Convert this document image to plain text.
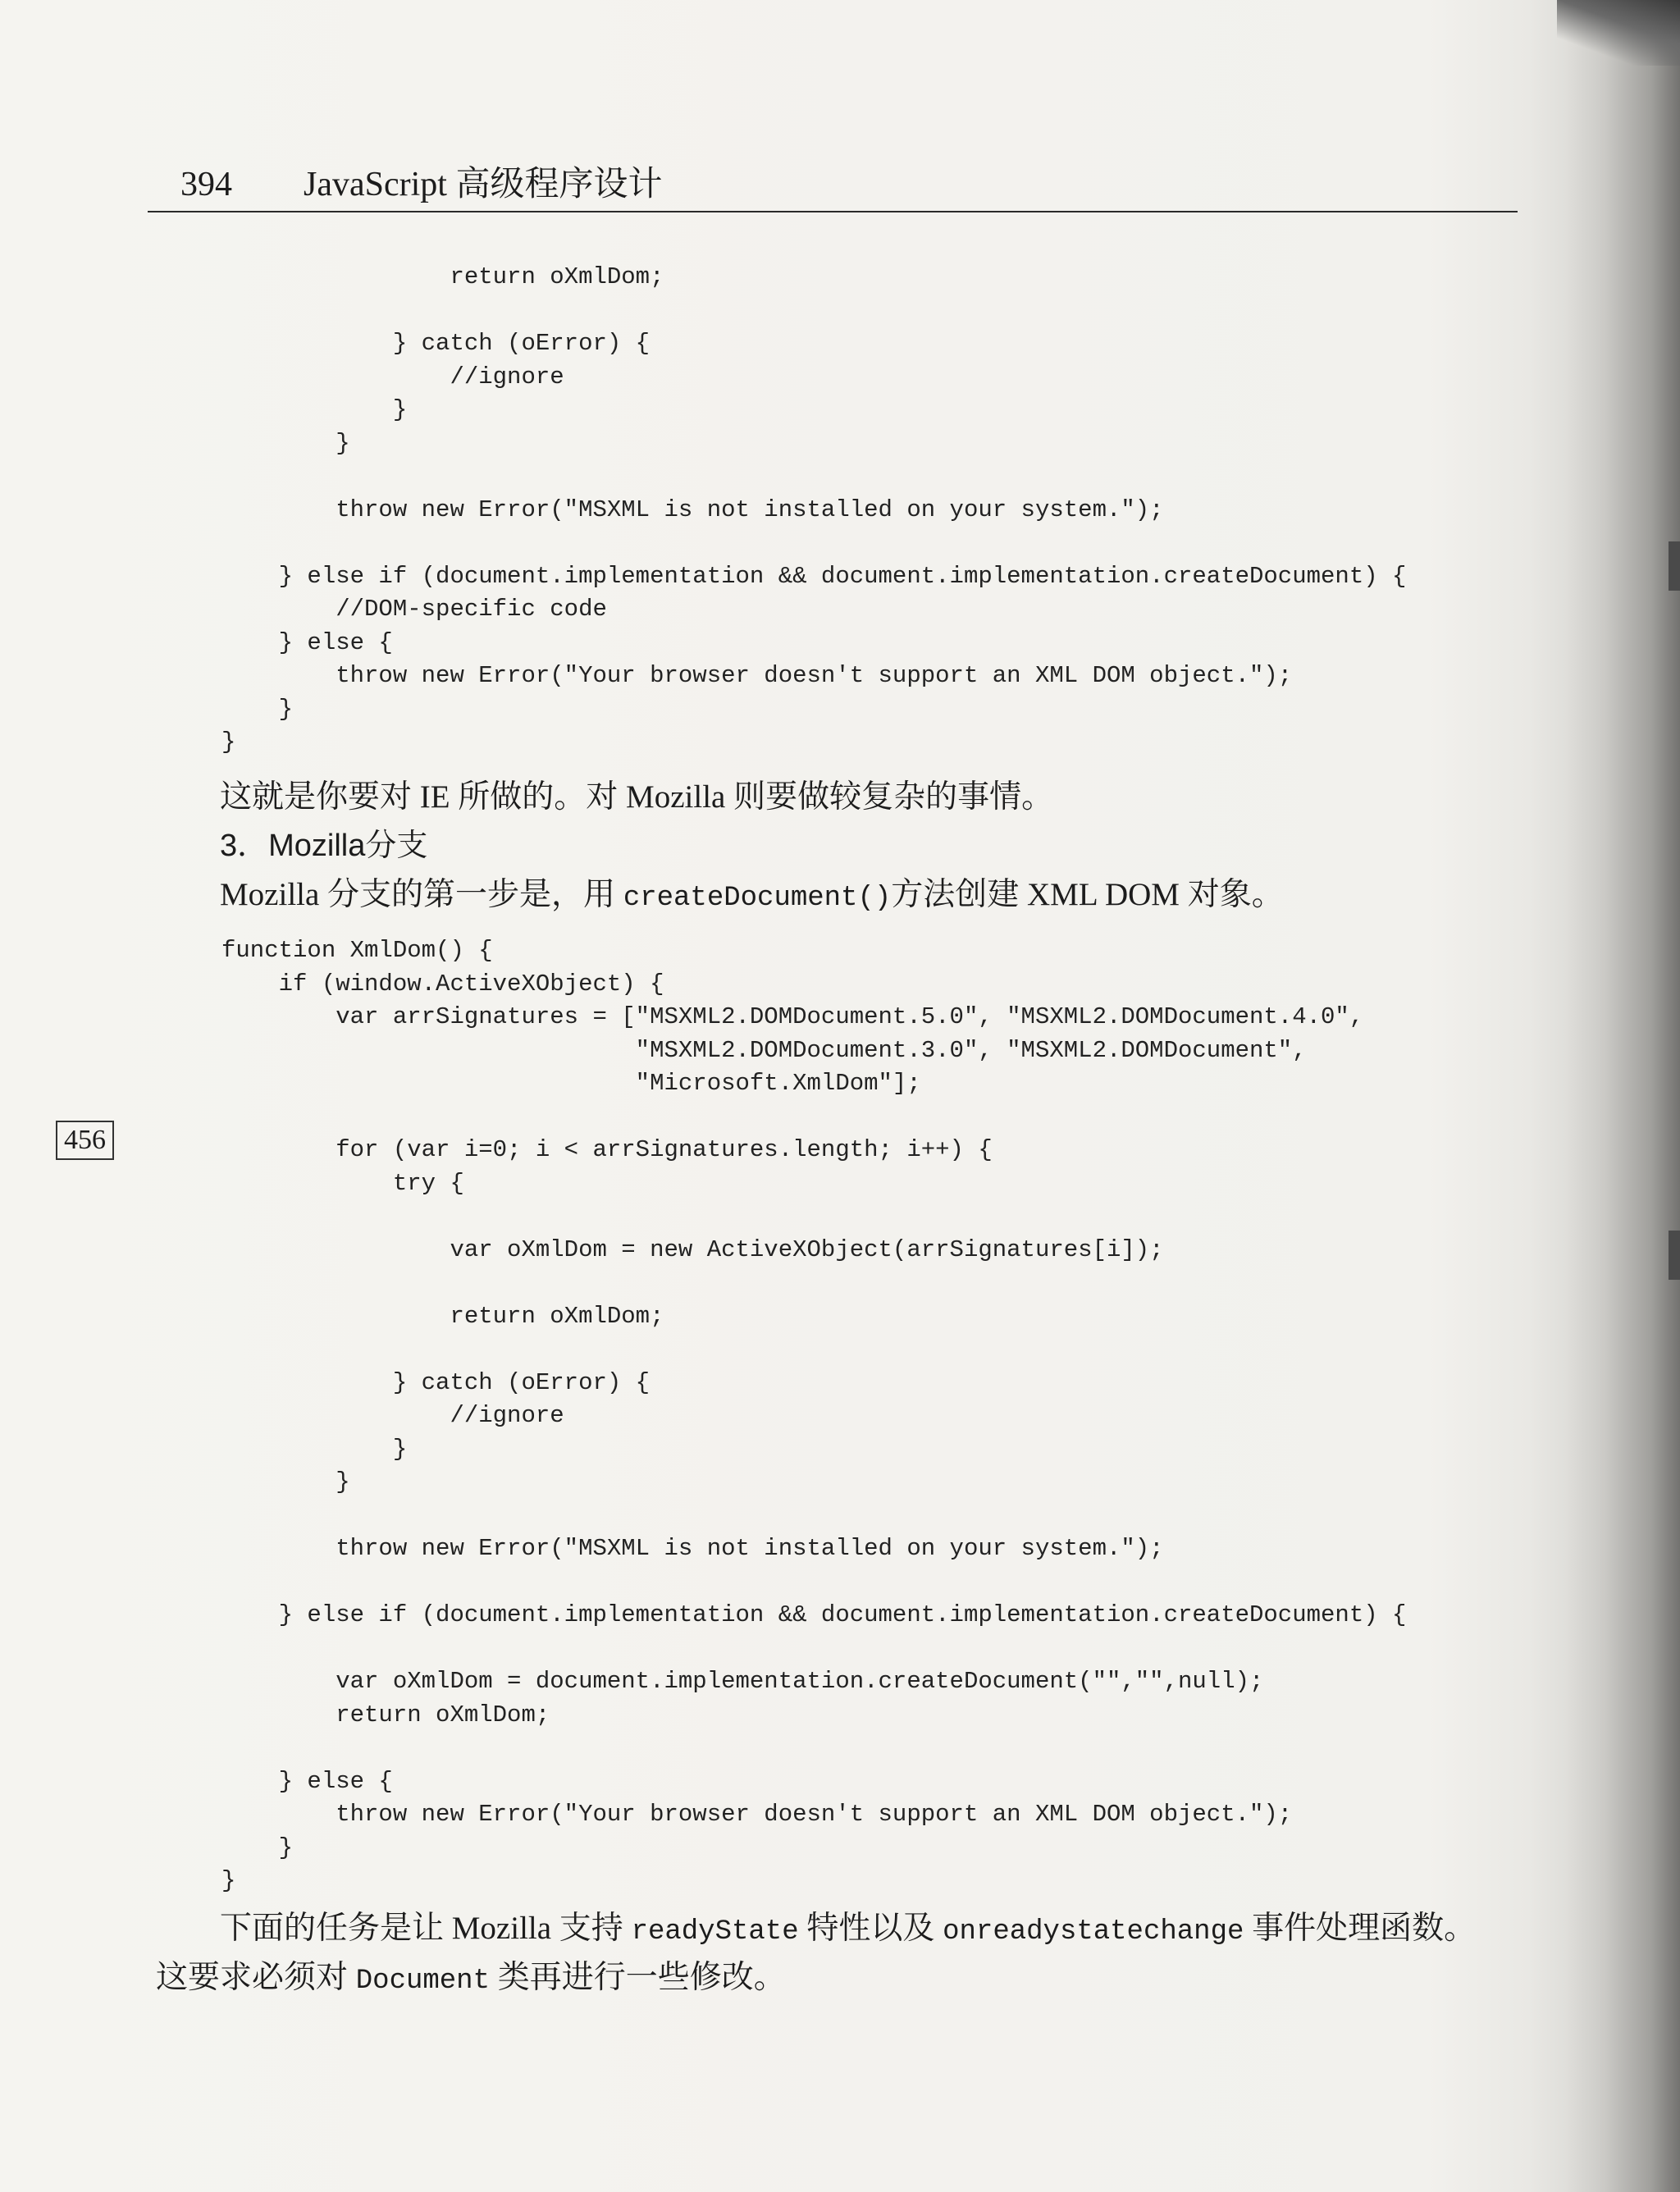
394 JavaScript 高级程序设计
return oXmlDom;

} catch (oError) {
//ignore
}
}

throw new Error("MSXML is not installed on your system.");

} else if (document.implementation && document.implementation.createDocument) {
//DOM-specific code
} else {
throw new Error("Your browser doesn't support an XML DOM object.");
}
}
这就是你要对 IE 所做的。对 Mozilla 则要做较复杂的事情。
3．Mozilla分支
Mozilla 分支的第一步是，用 createDocument()方法创建 XML DOM 对象。
function XmlDom() {
if (window.ActiveXObject) {
var arrSignatures = ["MSXML2.DOMDocument.5.0", "MSXML2.DOMDocument.4.0",
"MSXML2.DOMDocument.3.0", "MSXML2.DOMDocument",
"Microsoft.XmlDom"];

for (var i=0; i < arrSignatures.length; i++) {
try {

var oXmlDom = new ActiveXObject(arrSignatures[i]);

return oXmlDom;

} catch (oError) {
//ignore
}
}

throw new Error("MSXML is not installed on your system.");

} else if (document.implementation && document.implementation.createDocument) {

var oXmlDom = document.implementation.createDocument("","",null);
return oXmlDom;

} else {
throw new Error("Your browser doesn't support an XML DOM object.");
}
}
456
下面的任务是让 Mozilla 支持 readyState 特性以及 onreadystatechange 事件处理函数。
这要求必须对 Document 类再进行一些修改。
